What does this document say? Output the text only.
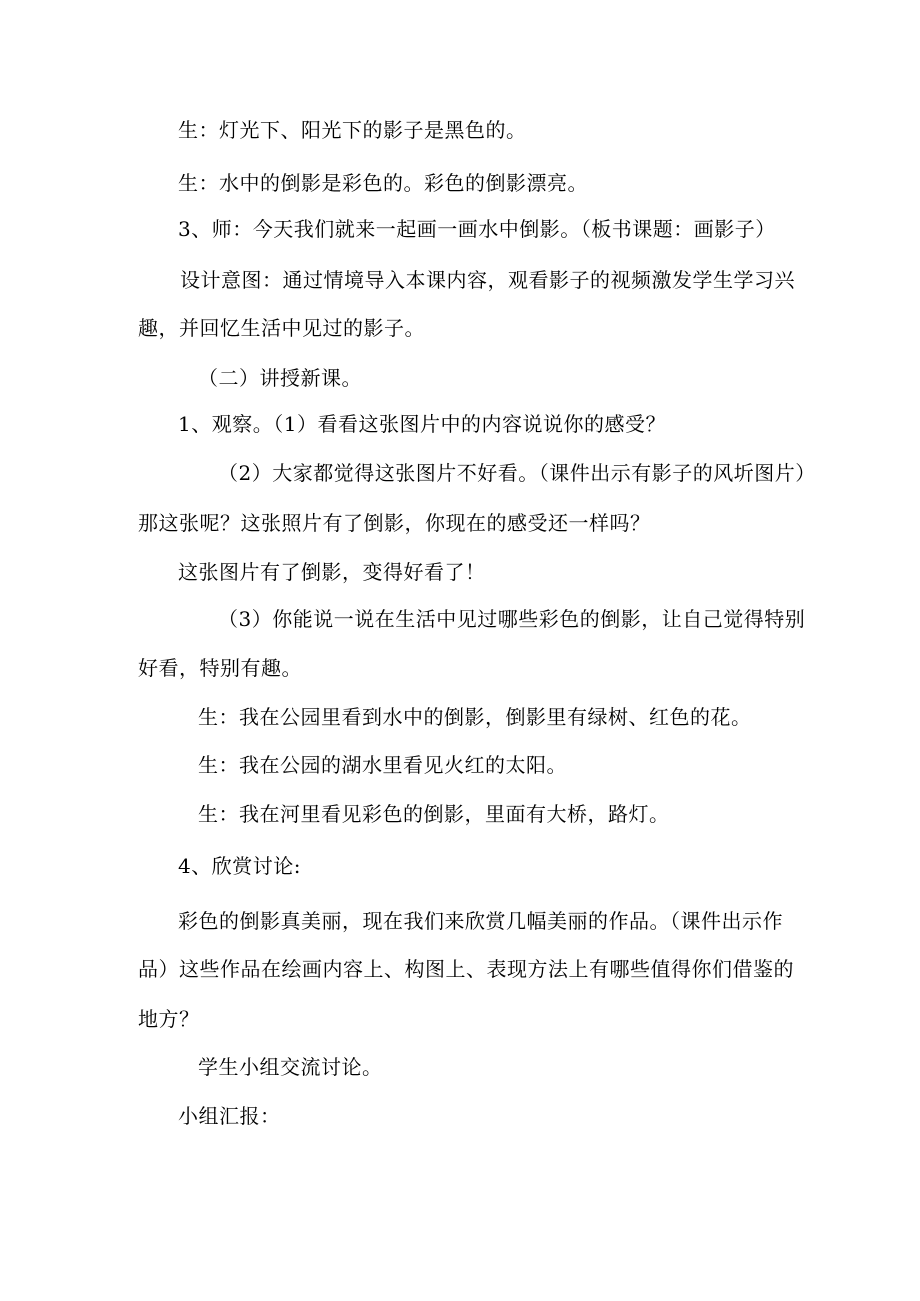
生：灯光下、阳光下的影子是黑色的。
生：水中的倒影是彩色的。彩色的倒影漂亮。
3、师：今天我们就来一起画一画水中倒影。（板书课题：画影子）
设计意图：通过情境导入本课内容，观看影子的视频激发学生学习兴
趣，并回忆生活中见过的影子。
（二）讲授新课。
1、观察。（1）看看这张图片中的内容说说你的感受？
（2）大家都觉得这张图片不好看。（课件出示有影子的风圻图片）
那这张呢？这张照片有了倒影，你现在的感受还一样吗？
这张图片有了倒影，变得好看了！
（3）你能说一说在生活中见过哪些彩色的倒影，让自己觉得特别
好看，特别有趣。
生：我在公园里看到水中的倒影，倒影里有绿树、红色的花。
生：我在公园的湖水里看见火红的太阳。
生：我在河里看见彩色的倒影，里面有大桥，路灯。
4、欣赏讨论:
彩色的倒影真美丽，现在我们来欣赏几幅美丽的作品。（课件出示作
品）这些作品在绘画内容上、构图上、表现方法上有哪些值得你们借鉴的
地方？
学生小组交流讨论。
小组汇报：
